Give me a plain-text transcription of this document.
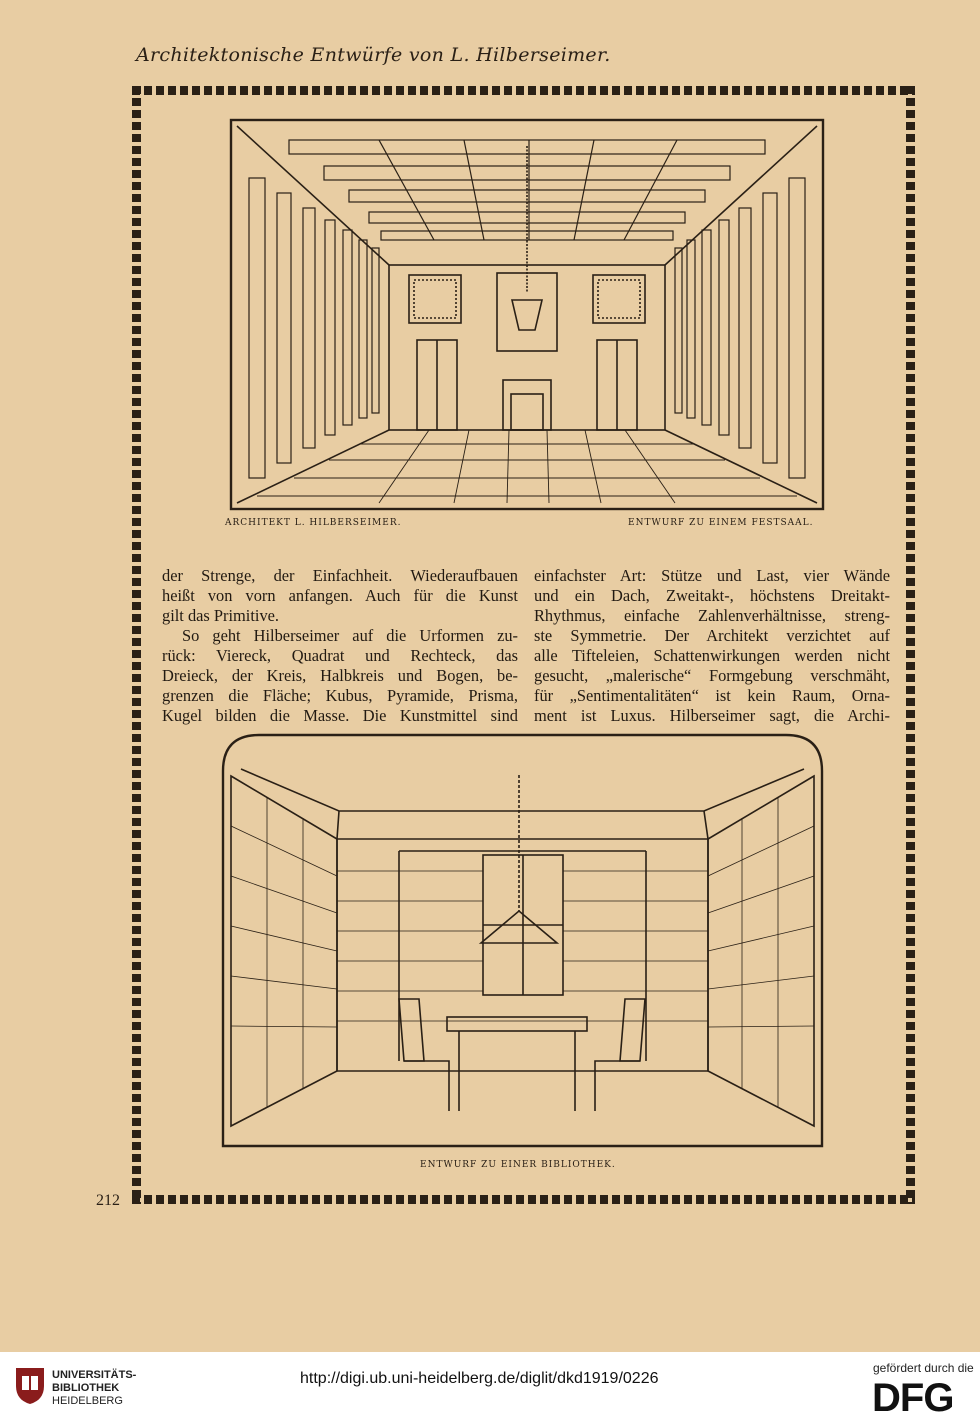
Architektonische Entwürfe von L. Hilberseimer.
ARCHITEKT L. HILBERSEIMER.	ENTWURF ZU EINEM FESTSAAL.
der Strenge, der Einfachheit. Wiederaufbauen
heißt von vorn anfangen. Auch für die Kunst
gilt das Primitive.
So geht Hilberseimer auf die Urformen zu-
rück: Viereck, Quadrat und Rechteck, das
Dreieck, der Kreis, Halbkreis und Bogen, be-
grenzen die Fläche; Kubus, Pyramide, Prisma,
Kugel bilden die Masse. Die Kunstmittel sind
einfachster Art: Stütze und Last, vier Wände
und ein Dach, Zweitakt-, höchstens Dreitakt-
Rhythmus, einfache Zahlenverhältnisse, streng-
ste Symmetrie. Der Architekt verzichtet auf
alle Tifteleien, Schattenwirkungen werden nicht
gesucht, „malerische“ Formgebung verschmäht,
für „Sentimentalitäten“ ist kein Raum, Orna-
ment ist Luxus. Hilberseimer sagt, die Archi-
ENTWURF ZU EINER BIBLIOTHEK.
212
UNIVERSITÄTS-
BIBLIOTHEK
HEIDELBERG
http://digi.ub.uni-heidelberg.de/diglit/dkd1919/0226
gefördert durch die
DFG
